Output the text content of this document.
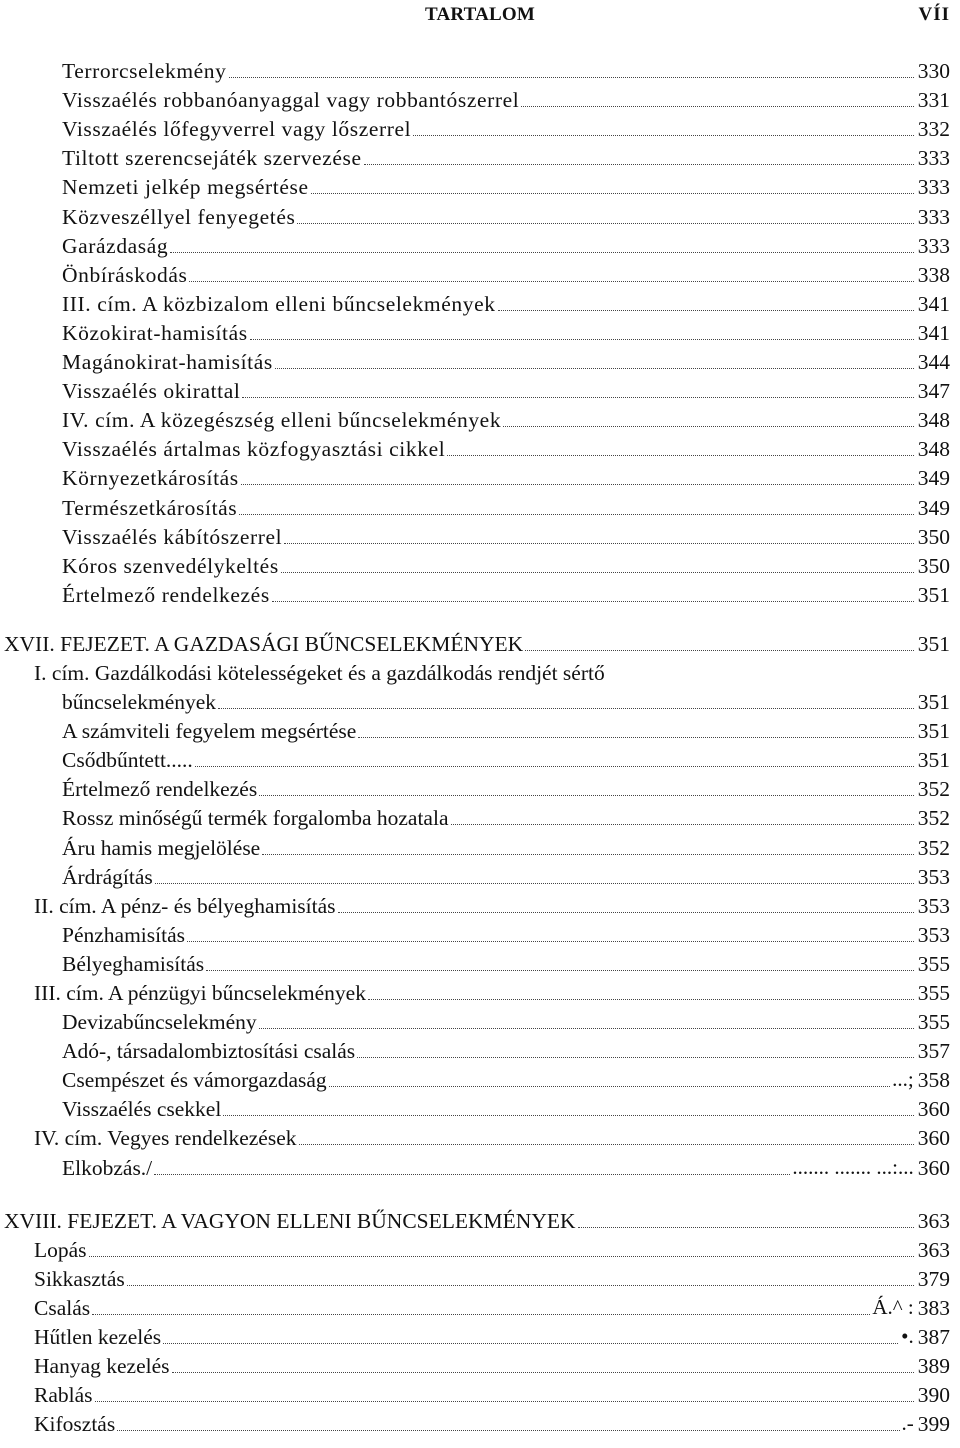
TARTALOM	VÍI
Terrorcselekmény	330
Visszaélés robbanóanyaggal vagy robbantószerrel	331
Visszaélés lőfegyverrel vagy lőszerrel	332
Tiltott szerencsejáték szervezése	333
Nemzeti jelkép megsértése	333
Közveszéllyel fenyegetés	333
Garázdaság	333
Önbíráskodás	338
III. cím. A közbizalom elleni bűncselekmények	341
Közokirat-hamisítás	341
Magánokirat-hamisítás	344
Visszaélés okirattal	347
IV. cím. A közegészség elleni bűncselekmények	348
Visszaélés ártalmas közfogyasztási cikkel	348
Környezetkárosítás	349
Természetkárosítás	349
Visszaélés kábítószerrel	350
Kóros szenvedélykeltés	350
Értelmező rendelkezés	351
XVII. FEJEZET. A GAZDASÁGI BŰNCSELEKMÉNYEK	351
I. cím. Gazdálkodási kötelességeket és a gazdálkodás rendjét sértő
bűncselekmények	351
A számviteli fegyelem megsértése	351
Csődbűntett.....	351
Értelmező rendelkezés	352
Rossz minőségű termék forgalomba hozatala	352
Áru hamis megjelölése	352
Árdrágítás	353
II. cím. A pénz- és bélyeghamisítás	353
Pénzhamisítás	353
Bélyeghamisítás	355
III. cím. A pénzügyi bűncselekmények	355
Devizabűncselekmény	355
Adó-, társadalombiztosítási csalás	357
Csempészet és vámorgazdaság	...; 358
Visszaélés csekkel	360
IV. cím. Vegyes rendelkezések	360
Elkobzás./	....... ....... ...:... 360
XVIII. FEJEZET. A VAGYON ELLENI BŰNCSELEKMÉNYEK	363
Lopás	363
Sikkasztás	379
Csalás	Á.^ : 383
Hűtlen kezelés	•. 387
Hanyag kezelés	389
Rablás	390
Kifosztás	.- 399
